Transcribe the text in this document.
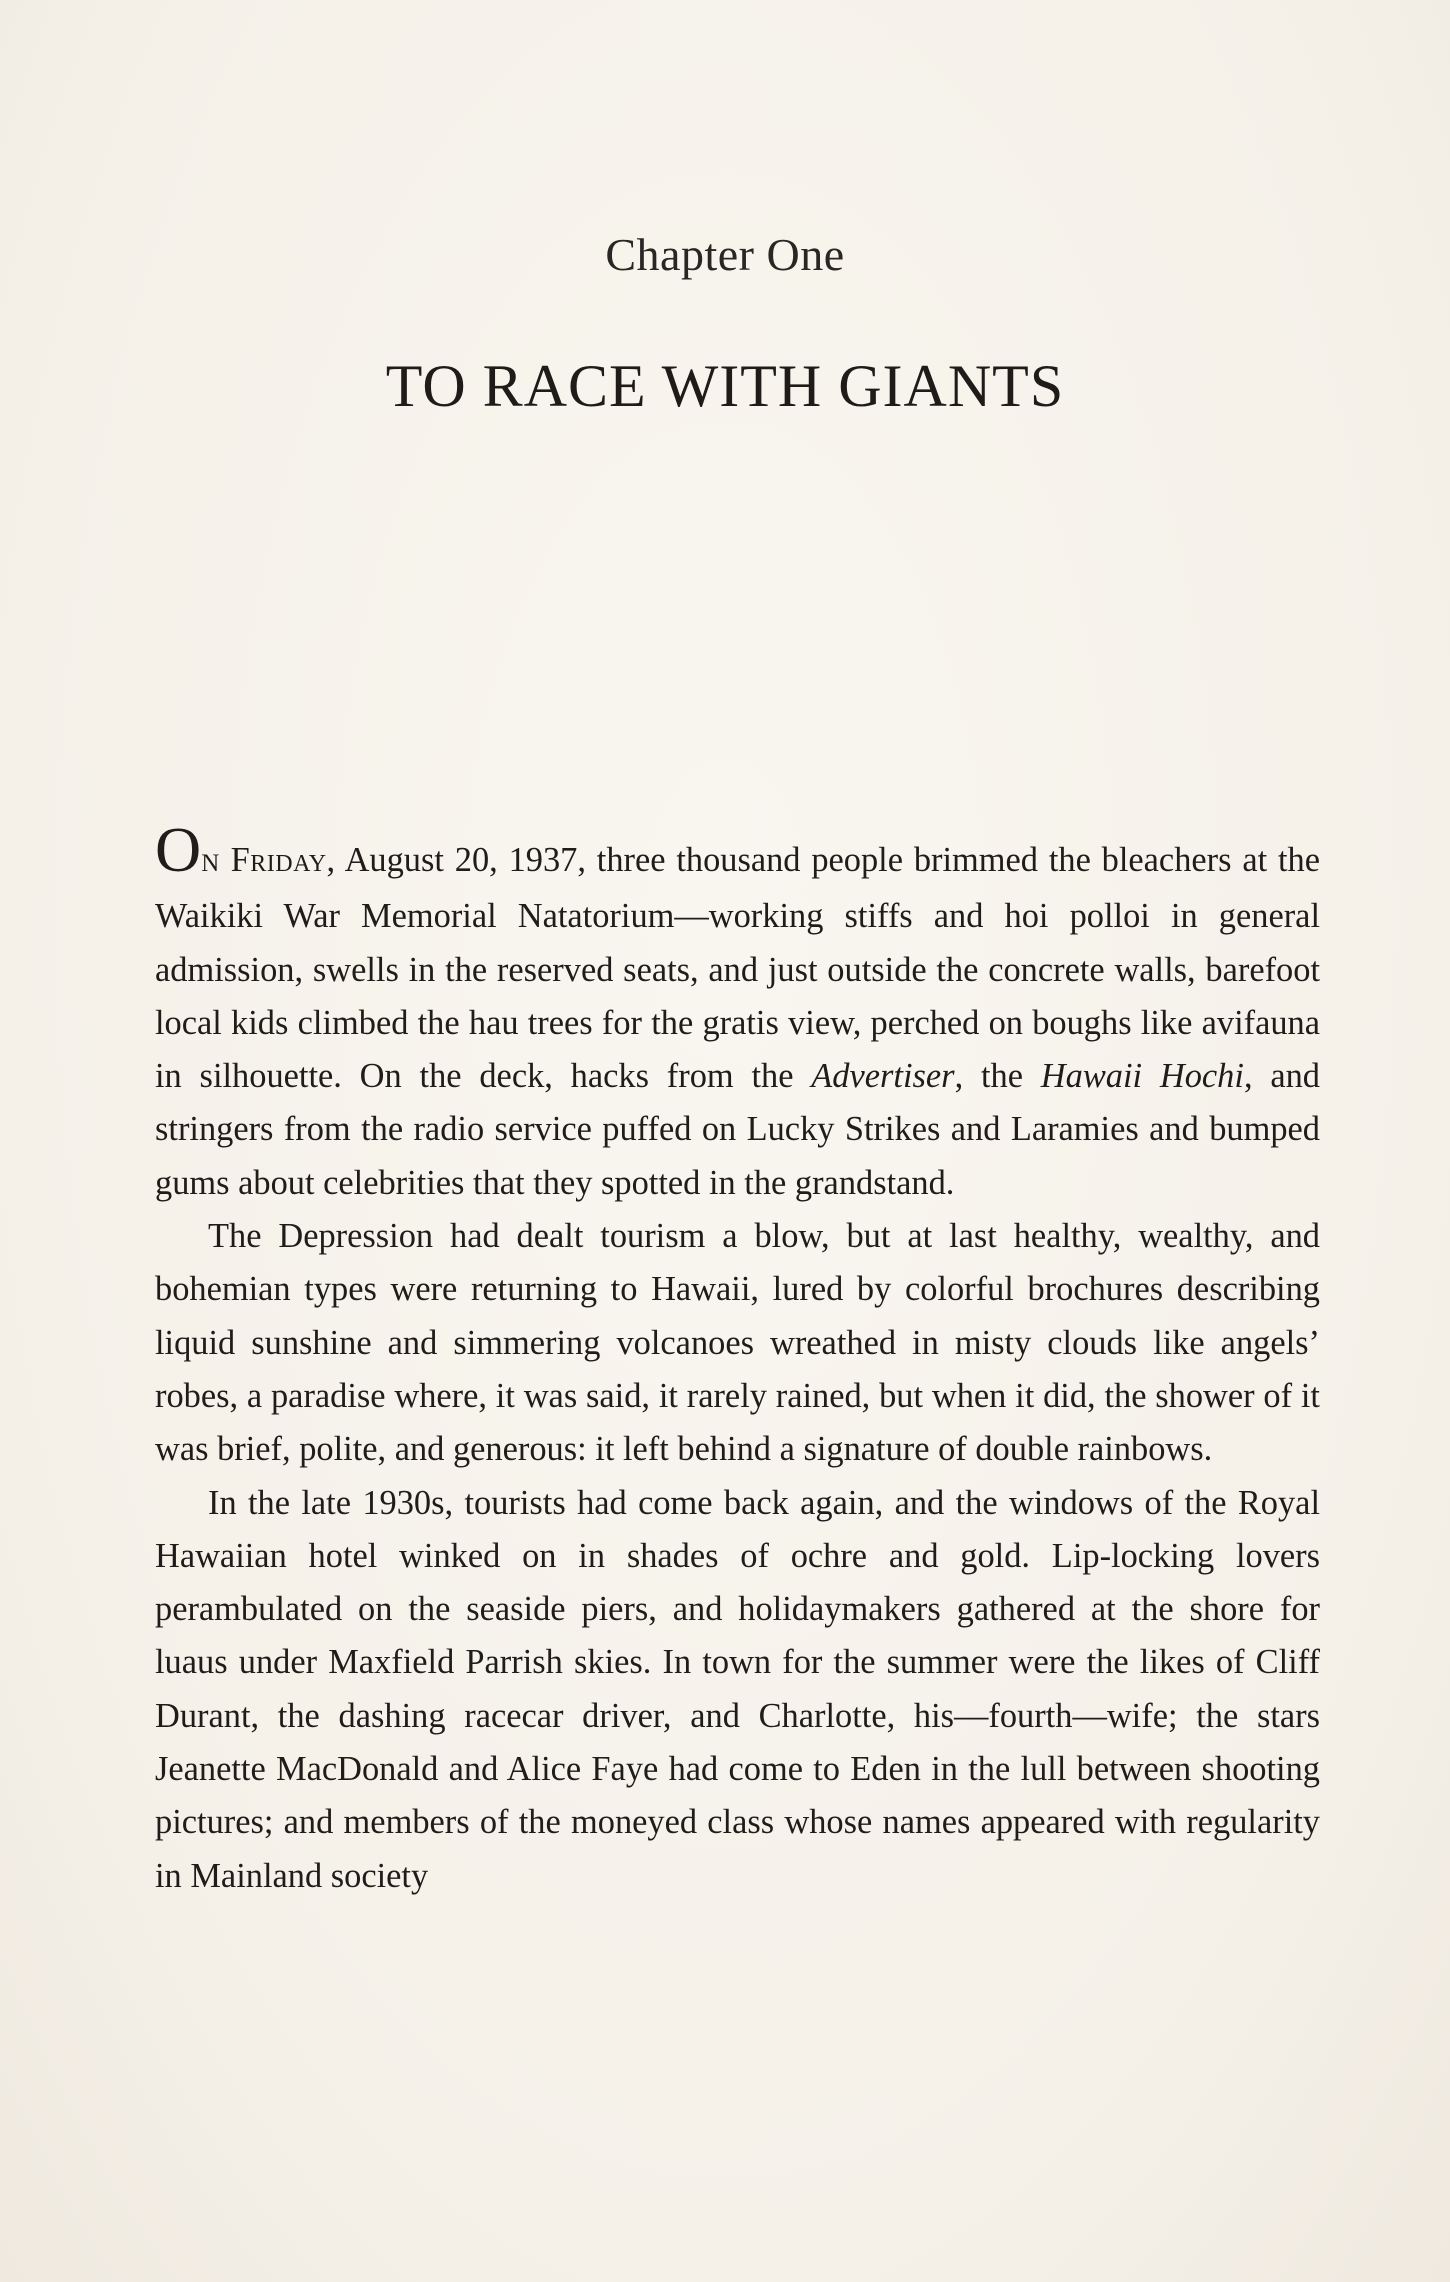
Chapter One
TO RACE WITH GIANTS

ON Friday, August 20, 1937, three thousand people brimmed the bleachers at the Waikiki War Memorial Natatorium—working stiffs and hoi polloi in general admission, swells in the reserved seats, and just outside the concrete walls, barefoot local kids climbed the hau trees for the gratis view, perched on boughs like avifauna in silhouette. On the deck, hacks from the Advertiser, the Hawaii Hochi, and stringers from the radio service puffed on Lucky Strikes and Laramies and bumped gums about celebrities that they spotted in the grandstand.

The Depression had dealt tourism a blow, but at last healthy, wealthy, and bohemian types were returning to Hawaii, lured by colorful brochures describing liquid sunshine and simmering volcanoes wreathed in misty clouds like angels’ robes, a paradise where, it was said, it rarely rained, but when it did, the shower of it was brief, polite, and generous: it left behind a signature of double rainbows.

In the late 1930s, tourists had come back again, and the windows of the Royal Hawaiian hotel winked on in shades of ochre and gold. Lip-locking lovers perambulated on the seaside piers, and holidaymakers gathered at the shore for luaus under Maxfield Parrish skies. In town for the summer were the likes of Cliff Durant, the dashing racecar driver, and Charlotte, his—fourth—wife; the stars Jeanette MacDonald and Alice Faye had come to Eden in the lull between shooting pictures; and members of the moneyed class whose names appeared with regularity in Mainland society
